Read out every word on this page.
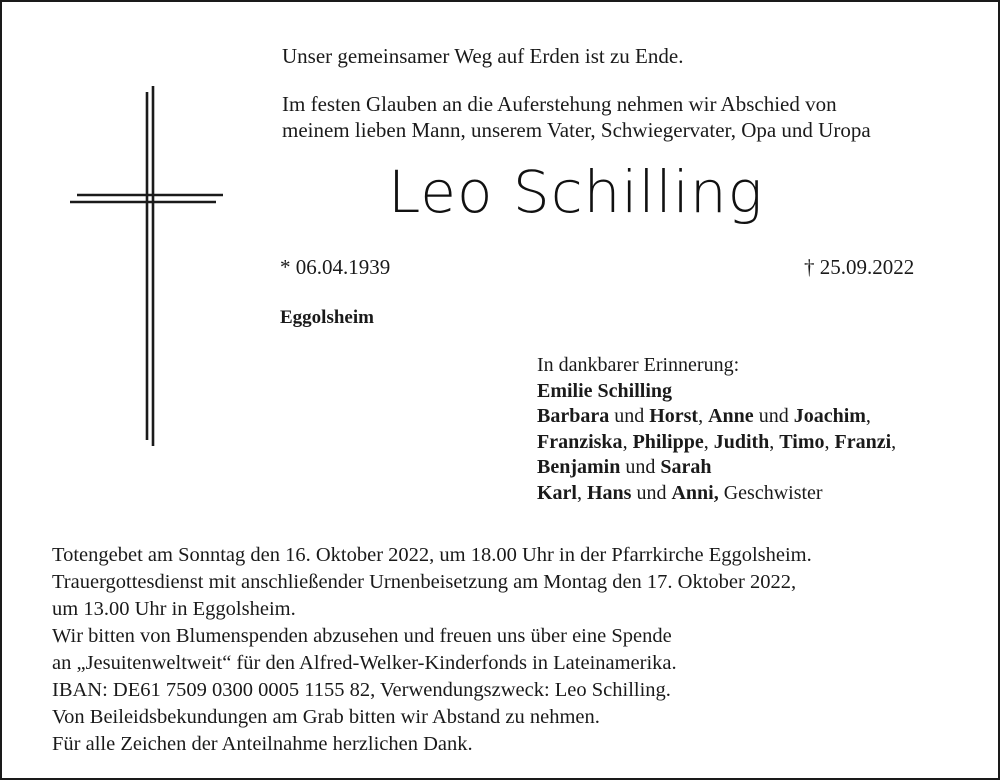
Unser gemeinsamer Weg auf Erden ist zu Ende.
Im festen Glauben an die Auferstehung nehmen wir Abschied von
meinem lieben Mann, unserem Vater, Schwiegervater, Opa und Uropa
Leo Schilling
* 06.04.1939	† 25.09.2022
Eggolsheim
In dankbarer Erinnerung:
Emilie Schilling
Barbara und Horst, Anne und Joachim,
Franziska, Philippe, Judith, Timo, Franzi,
Benjamin und Sarah
Karl, Hans und Anni, Geschwister
Totengebet am Sonntag den 16. Oktober 2022, um 18.00 Uhr in der Pfarrkirche Eggolsheim.
Trauergottesdienst mit anschließender Urnenbeisetzung am Montag den 17. Oktober 2022,
um 13.00 Uhr in Eggolsheim.
Wir bitten von Blumenspenden abzusehen und freuen uns über eine Spende
an „Jesuitenweltweit“ für den Alfred-Welker-Kinderfonds in Lateinamerika.
IBAN: DE61 7509 0300 0005 1155 82, Verwendungszweck: Leo Schilling.
Von Beileidsbekundungen am Grab bitten wir Abstand zu nehmen.
Für alle Zeichen der Anteilnahme herzlichen Dank.
